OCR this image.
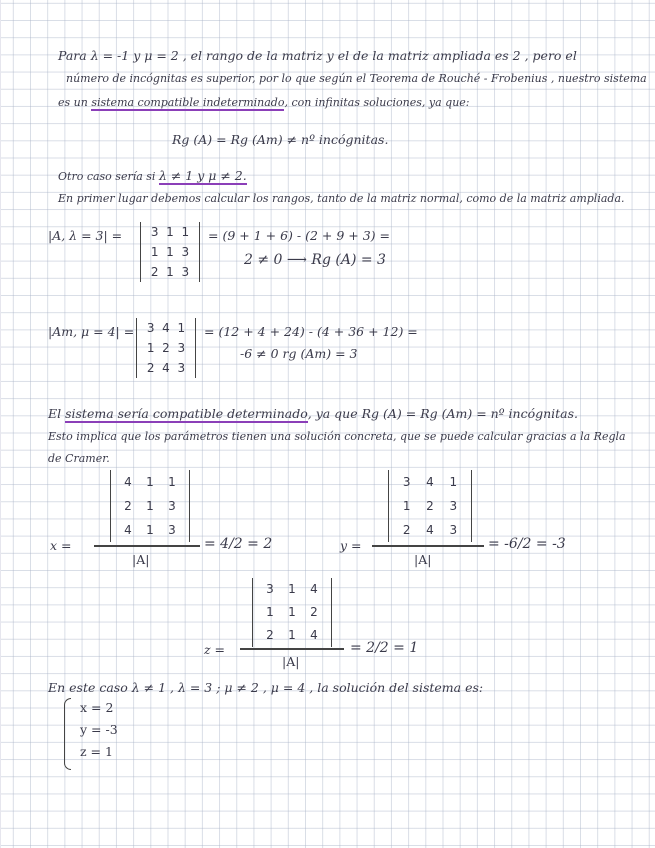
Para λ = -1 y μ = 2 , el rango de la matriz y el de la matriz ampliada es 2 , pero el
número de incógnitas es superior, por lo que según el Teorema de Rouché - Frobenius , nuestro sistema
es un sistema compatible indeterminado, con infinitas soluciones, ya que:
Rg (A) = Rg (Am) ≠ nº incógnitas.
Otro caso sería si λ ≠ 1 y μ ≠ 2.
En primer lugar debemos calcular los rangos, tanto de la matriz normal, como de la matriz ampliada.
|A, λ = 3| = 3 1 1
1 1 3
2 1 3
= (9 + 1 + 6) - (2 + 9 + 3) =
2 ≠ 0 ⟶ Rg (A) = 3
|Am, μ = 4| = 3 4 1
1 2 3
2 4 3
= (12 + 4 + 24) - (4 + 36 + 12) =
-6 ≠ 0 rg (Am) = 3
El sistema sería compatible determinado, ya que Rg (A) = Rg (Am) = nº incógnitas.
Esto implica que los parámetros tienen una solución concreta, que se puede calcular gracias a la Regla
de Cramer.
x =
4 1 1
2 1 3
4 1 3
|A|
= 4/2 = 2	y =
3 4 1
1 2 3
2 4 3
|A|
= -6/2 = -3
z =
3 1 4
1 1 2
2 1 4
|A|
= 2/2 = 1
En este caso λ ≠ 1 , λ = 3 ; μ ≠ 2 , μ = 4 , la solución del sistema es:
x = 2
y = -3
z = 1
